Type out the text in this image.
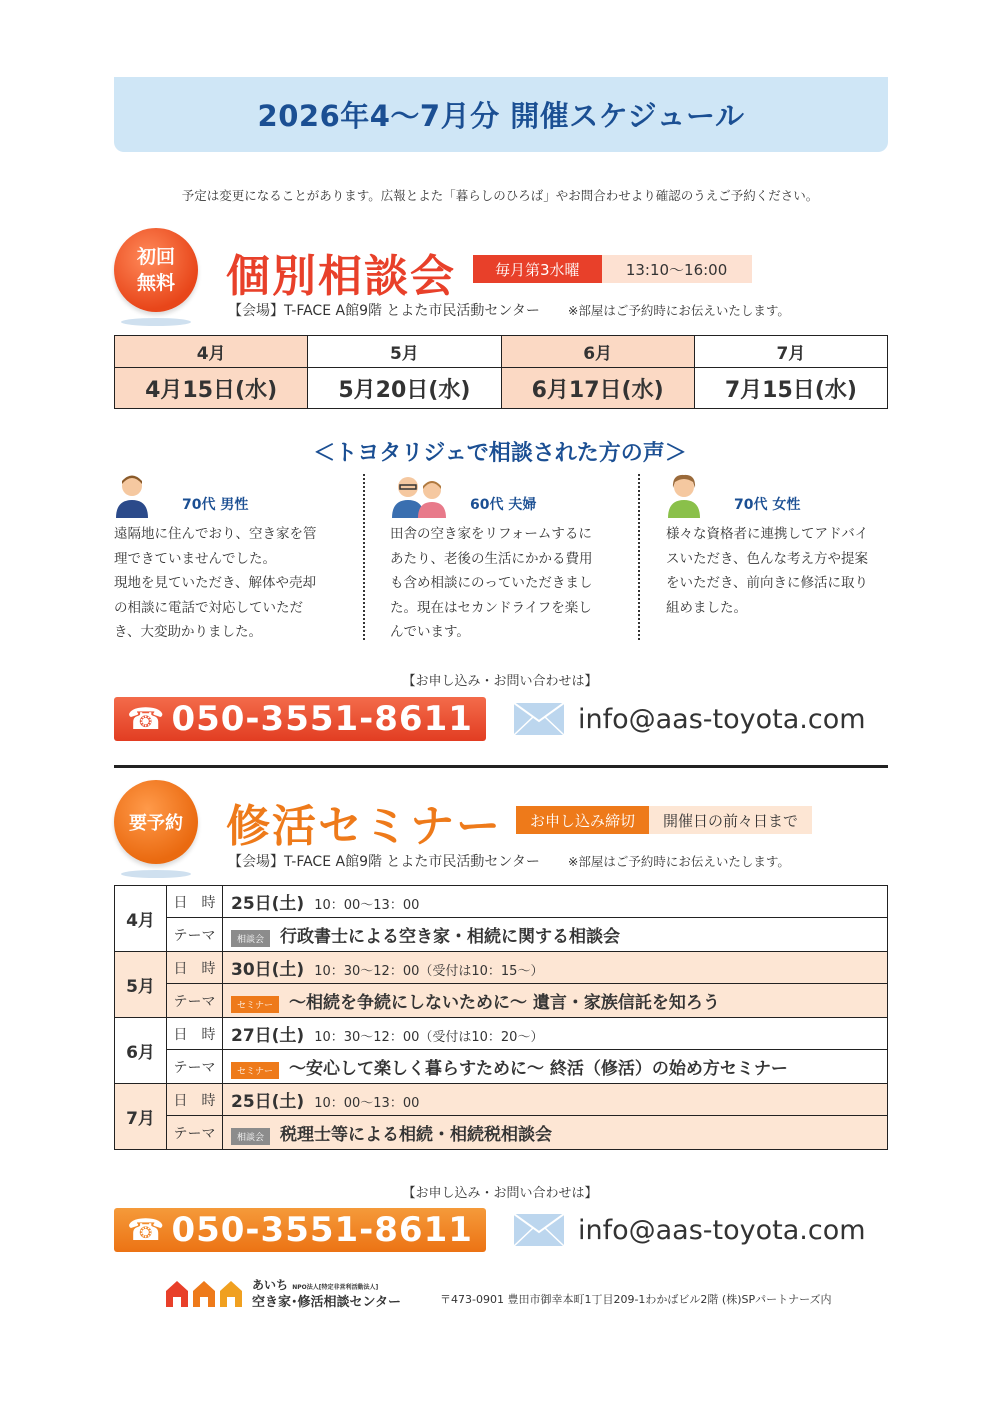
2026年4〜7月分 開催スケジュール
予定は変更になることがあります。広報とよた「暮らしのひろば」やお問合わせより確認のうえご予約ください。
初回
無料 個別相談会	毎月第3水曜	13:10〜16:00
【会場】T-FACE A館9階 とよた市民活動センター ※部屋はご予約時にお伝えいたします。
4月	5月	6月	7月
4月15日(水)	5月20日(水)	6月17日(水)	7月15日(水)
＜トヨタリジェで相談された方の声＞
70代 男性
遠隔地に住んでおり、空き家を管
理できていませんでした。
現地を見ていただき、解体や売却
の相談に電話で対応していただ
き、大変助かりました。
60代 夫婦
田舎の空き家をリフォームするに
あたり、老後の生活にかかる費用
も含め相談にのっていただきまし
た。現在はセカンドライフを楽し
んでいます。
70代 女性
様々な資格者に連携してアドバイ
スいただき、色んな考え方や提案
をいただき、前向きに修活に取り
組めました。
【お申し込み・お問い合わせは】
☎ 050-3551-8611	info@aas-toyota.com
要予約 修活セミナー	お申し込み締切	開催日の前々日まで
【会場】T-FACE A館9階 とよた市民活動センター ※部屋はご予約時にお伝えいたします。
4月	日　時	25日(土) 10：00〜13：00
	テーマ	相談会 行政書士による空き家・相続に関する相談会
5月	日　時	30日(土) 10：30〜12：00（受付は10：15〜）
	テーマ	セミナー 〜相続を争続にしないために〜 遺言・家族信託を知ろう
6月	日　時	27日(土) 10：30〜12：00（受付は10：20〜）
	テーマ	セミナー 〜安心して楽しく暮らすために〜 終活（修活）の始め方セミナー
7月	日　時	25日(土) 10：00〜13：00
	テーマ	相談会 税理士等による相続・相続税相談会
【お申し込み・お問い合わせは】
☎ 050-3551-8611	info@aas-toyota.com
あいち NPO法人[特定非営利活動法人]
空き家･修活相談センター	〒473-0901 豊田市御幸本町1丁目209-1わかばビル2階 (株)SPパートナーズ内
